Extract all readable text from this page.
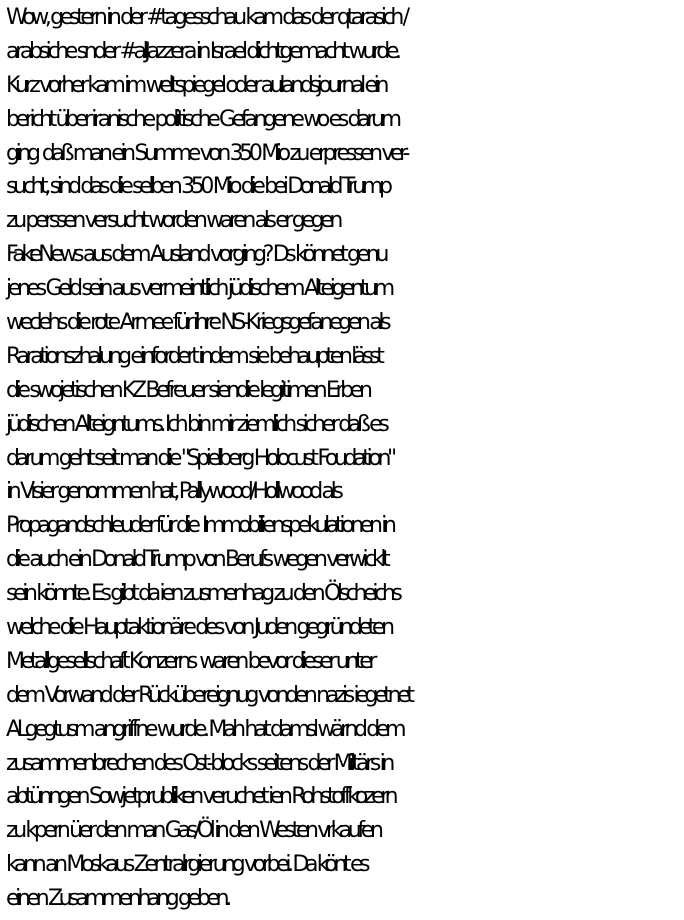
Wow, gestern in der #tagesschau kam das der qtarasich /
arabsiche snder #alJazzera in Israel dichtgemacht wurde.
Kurz vorher kam im weltspiegel oder aulandsjournal ein
bericht über iranische politische Gefangene wo es darum
ging  daß man ein Summe von 350 Mio zu erpressen ver-
sucht, sind das die selben 350 Mio die bei Donald Trump
zu perssen versucht worden waren als er gegen
FakeNews aus dem Ausland vorging? Ds könnet genu
jenes Geld sein aus vermeintlich jüdischem Alteigentum
weclehs die rote Armee für ihre NS-Kriegsgefanegen als
Rarationszhalung einfordert indem sie behaupten lässt
die swojetischen KZ Befreuer siendie legitimen Erben
jüdischen Alteigntums. Ich bin mir ziemlich sicher daß es
darum geht seit man die "Spielberg Holocust Foudation"
in Visier genommen hat, Pallywood/Hollwood als
Propagandschleuder für die  Immobilienspekulationen in
die auch ein Donald Trump von Berufs wegen verwicklt
sein könnte. Es gibt da ien zusmenhag zu den Ölscheichs
welche die Hauptaktionäre des von Juden gegründeten
Metallgesellschaft Konzerns  waren bevor dieser unter
dem Vorwand der Rückübereignug vonden nazis iegetnet
ALgegtusm angriffne wurde. Mah hat damsl wärnd dem
zusammenbrechen des Ost-blocks seitens der Miltärs in
abtünngen Sowjetprubliken veruchet ien Rohstoffkozern
zu kpern üer den man Gas/Öl in den Westen vrkaufen
kann an Moskaus Zentralrgierung vorbei. Da könt es
einen Zusammenhang geben.
